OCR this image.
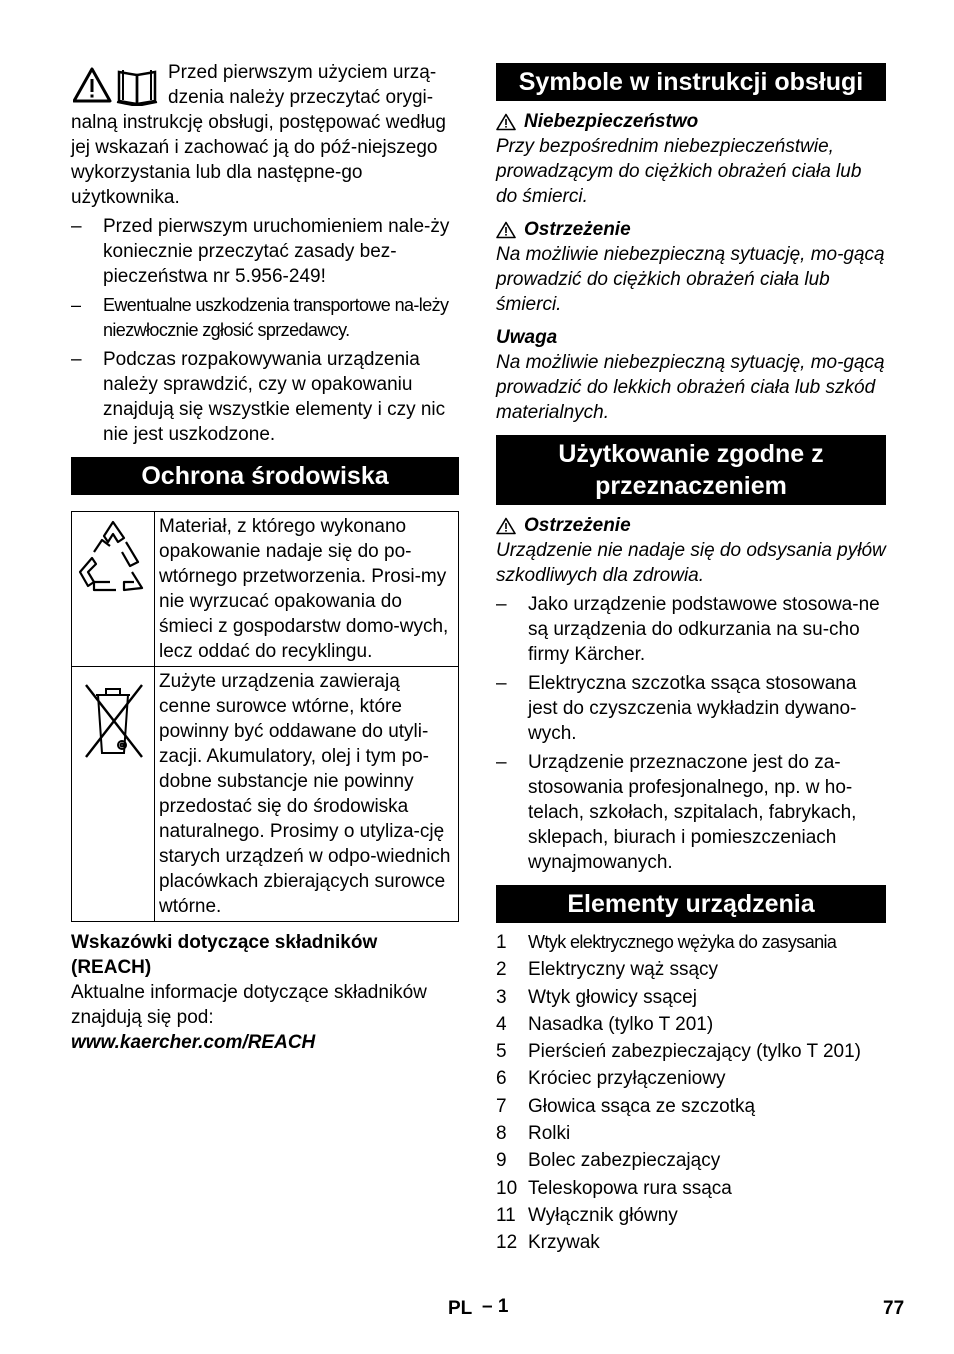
Przed pierwszym użyciem urzą-

dzenia należy przeczytać orygi-

nalną instrukcję obsługi, postępować według jej wskazań i zachować ją do póź-niejszego wykorzystania lub dla następne-go użytkownika.

– Przed pierwszym uruchomieniem nale-ży koniecznie przeczytać zasady bez-pieczeństwa nr 5.956-249!

– Ewentualne uszkodzenia transportowe na-leży niezwłocznie zgłosić sprzedawcy.

– Podczas rozpakowywania urządzenia należy sprawdzić, czy w opakowaniu znajdują się wszystkie elementy i czy nic nie jest uszkodzone.

Ochrona środowiska
	Materiał, z którego wykonano opakowanie nadaje się do po-wtórnego przetworzenia. Prosi-my nie wyrzucać opakowania do śmieci z gospodarstw domo-wych, lecz oddać do recyklingu.
	Zużyte urządzenia zawierają cenne surowce wtórne, które powinny być oddawane do utyli-zacji. Akumulatory, olej i tym po-dobne substancje nie powinny przedostać się do środowiska naturalnego. Prosimy o utyliza-cję starych urządzeń w odpo-wiednich placówkach zbierających surowce wtórne.

Wskazówki dotyczące składników (REACH)

Aktualne informacje dotyczące składników znajdują się pod:

www.kaercher.com/REACH

Symbole w instrukcji obsługi
Niebezpieczeństwo

Przy bezpośrednim niebezpieczeństwie, prowadzącym do ciężkich obrażeń ciała lub do śmierci.

Ostrzeżenie

Na możliwie niebezpieczną sytuację, mo-gącą prowadzić do ciężkich obrażeń ciała lub śmierci.

Uwaga

Na możliwie niebezpieczną sytuację, mo-gącą prowadzić do lekkich obrażeń ciała lub szkód materialnych.

Użytkowanie zgodne z przeznaczeniem
Ostrzeżenie

Urządzenie nie nadaje się do odsysania pyłów szkodliwych dla zdrowia.

– Jako urządzenie podstawowe stosowa-ne są urządzenia do odkurzania na su-cho firmy Kärcher.

– Elektryczna szczotka ssąca stosowana jest do czyszczenia wykładzin dywano-wych.

– Urządzenie przeznaczone jest do za-stosowania profesjonalnego, np. w ho-telach, szkołach, szpitalach, fabrykach, sklepach, biurach i pomieszczeniach wynajmowanych.

Elementy urządzenia
1	Wtyk elektrycznego wężyka do zasysania
2	Elektryczny wąż ssący
3	Wtyk głowicy ssącej
4	Nasadka (tylko T 201)
5	Pierścień zabezpieczający (tylko T 201)
6	Króciec przyłączeniowy
7	Głowica ssąca ze szczotką
8	Rolki
9	Bolec zabezpieczający
10 Teleskopowa rura ssąca
11 Wyłącznik główny
12 Krzywak
PL – 1	77
